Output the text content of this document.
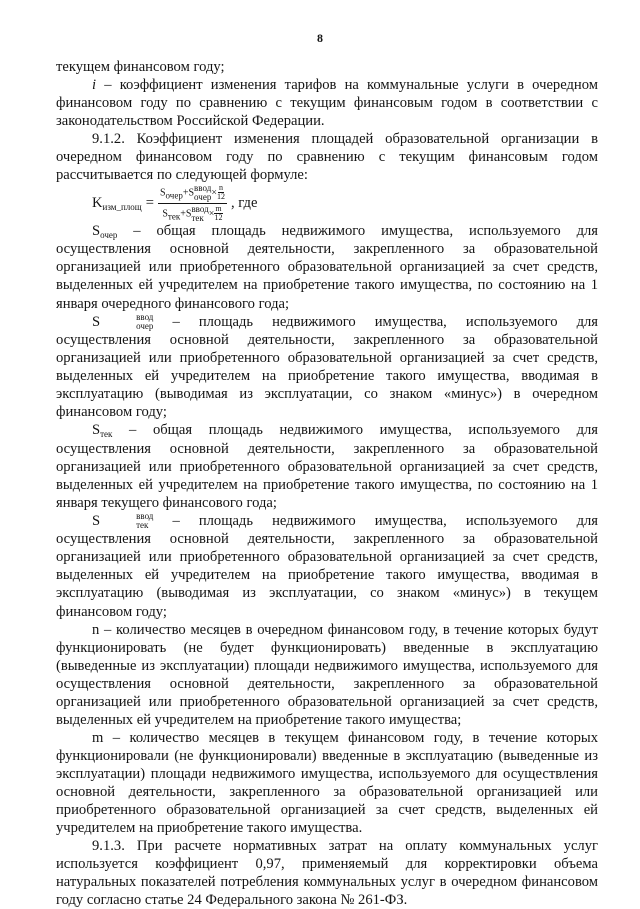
8

текущем финансовом году;

i – коэффициент изменения тарифов на коммунальные услуги в очередном финансовом году по сравнению с текущим финансовым годом в соответствии с законодательством Российской Федерации.

9.1.2. Коэффициент изменения площадей образовательной организации в очередном финансовом году по сравнению с текущим финансовым годом рассчитывается по следующей формуле:

$K_{изм\_площ} = S_{очер}+S$ ввод
очер × $\frac{n}{12}$
$S_{тек}+S$ ввод
тек × $\frac{m}{12}$ , где

$S_{очер}$ – общая площадь недвижимого имущества, используемого для осуществления основной деятельности, закрепленного за образовательной организацией или приобретенного образовательной организацией за счет средств, выделенных ей учредителем на приобретение такого имущества, по состоянию на 1 января очередного финансового года;

S	ввод
очер – площадь недвижимого имущества, используемого для осуществления основной деятельности, закрепленного за образовательной организацией или приобретенного образовательной организацией за счет средств, выделенных ей учредителем на приобретение такого имущества, вводимая в эксплуатацию (выводимая из эксплуатации, со знаком «минус») в очередном финансовом году;

$S_{тек}$ – общая площадь недвижимого имущества, используемого для осуществления основной деятельности, закрепленного за образовательной организацией или приобретенного образовательной организацией за счет средств, выделенных ей учредителем на приобретение такого имущества, по состоянию на 1 января текущего финансового года;

S	ввод
тек – площадь недвижимого имущества, используемого для осуществления основной деятельности, закрепленного за образовательной организацией или приобретенного образовательной организацией за счет средств, выделенных ей учредителем на приобретение такого имущества, вводимая в эксплуатацию (выводимая из эксплуатации, со знаком «минус») в текущем финансовом году;

n – количество месяцев в очередном финансовом году, в течение которых будут функционировать (не будет функционировать) введенные в эксплуатацию (выведенные из эксплуатации) площади недвижимого имущества, используемого для осуществления основной деятельности, закрепленного за образовательной организацией или приобретенного образовательной организацией за счет средств, выделенных ей учредителем на приобретение такого имущества;

m – количество месяцев в текущем финансовом году, в течение которых функционировали (не функционировали) введенные в эксплуатацию (выведенные из эксплуатации) площади недвижимого имущества, используемого для осуществления основной деятельности, закрепленного за образовательной организацией или приобретенного образовательной организацией за счет средств, выделенных ей учредителем на приобретение такого имущества.

9.1.3. При расчете нормативных затрат на оплату коммунальных услуг используется коэффициент 0,97, применяемый для корректировки объема натуральных показателей потребления коммунальных услуг в очередном финансовом году согласно статье 24 Федерального закона № 261-ФЗ.
